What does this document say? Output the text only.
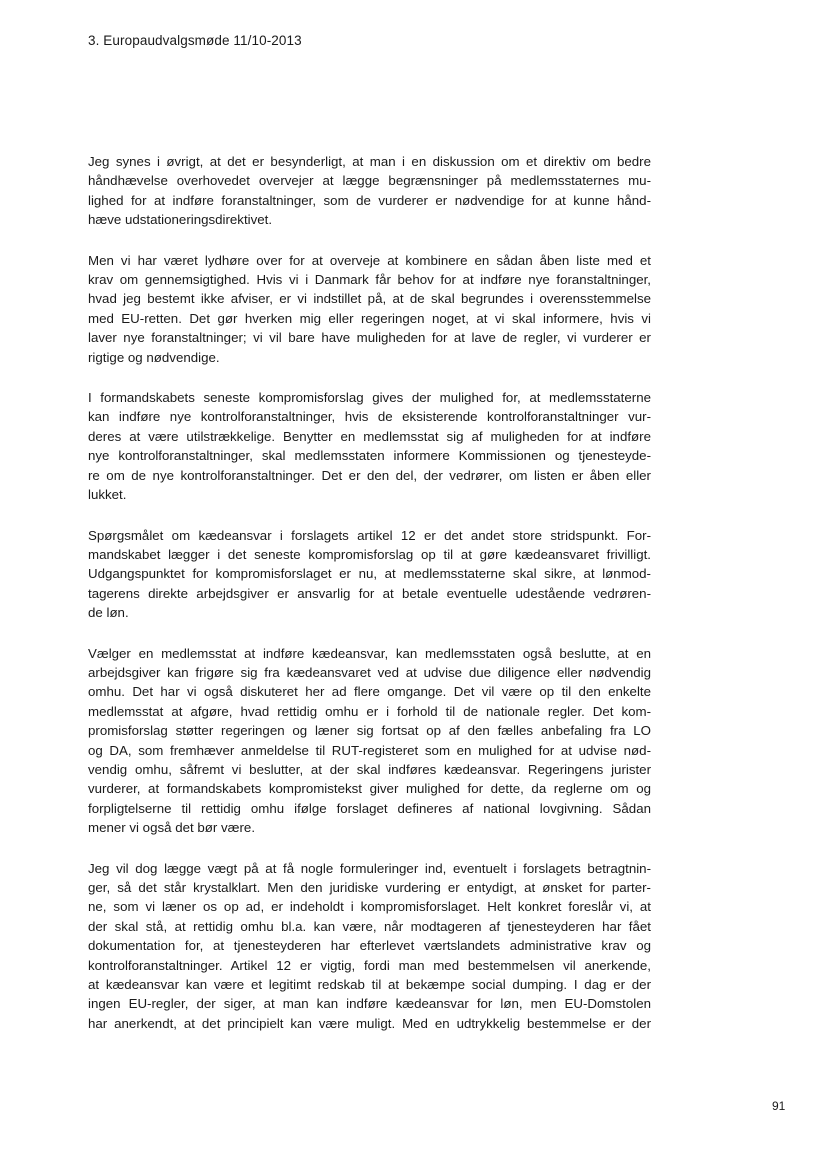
3. Europaudvalgsmøde 11/10-2013

Jeg synes i øvrigt, at det er besynderligt, at man i en diskussion om et direktiv om bedre
håndhævelse overhovedet overvejer at lægge begrænsninger på medlemsstaternes mu-
lighed for at indføre foranstaltninger, som de vurderer er nødvendige for at kunne hånd-
hæve udstationeringsdirektivet.

Men vi har været lydhøre over for at overveje at kombinere en sådan åben liste med et
krav om gennemsigtighed. Hvis vi i Danmark får behov for at indføre nye foranstaltninger,
hvad jeg bestemt ikke afviser, er vi indstillet på, at de skal begrundes i overensstemmelse
med EU-retten. Det gør hverken mig eller regeringen noget, at vi skal informere, hvis vi
laver nye foranstaltninger; vi vil bare have muligheden for at lave de regler, vi vurderer er
rigtige og nødvendige.

I formandskabets seneste kompromisforslag gives der mulighed for, at medlemsstaterne
kan indføre nye kontrolforanstaltninger, hvis de eksisterende kontrolforanstaltninger vur-
deres at være utilstrækkelige. Benytter en medlemsstat sig af muligheden for at indføre
nye kontrolforanstaltninger, skal medlemsstaten informere Kommissionen og tjenesteyde-
re om de nye kontrolforanstaltninger. Det er den del, der vedrører, om listen er åben eller
lukket.

Spørgsmålet om kædeansvar i forslagets artikel 12 er det andet store stridspunkt. For-
mandskabet lægger i det seneste kompromisforslag op til at gøre kædeansvaret frivilligt.
Udgangspunktet for kompromisforslaget er nu, at medlemsstaterne skal sikre, at lønmod-
tagerens direkte arbejdsgiver er ansvarlig for at betale eventuelle udestående vedrøren-
de løn.

Vælger en medlemsstat at indføre kædeansvar, kan medlemsstaten også beslutte, at en
arbejdsgiver kan frigøre sig fra kædeansvaret ved at udvise due diligence eller nødvendig
omhu. Det har vi også diskuteret her ad flere omgange. Det vil være op til den enkelte
medlemsstat at afgøre, hvad rettidig omhu er i forhold til de nationale regler. Det kom-
promisforslag støtter regeringen og læner sig fortsat op af den fælles anbefaling fra LO
og DA, som fremhæver anmeldelse til RUT-registeret som en mulighed for at udvise nød-
vendig omhu, såfremt vi beslutter, at der skal indføres kædeansvar. Regeringens jurister
vurderer, at formandskabets kompromistekst giver mulighed for dette, da reglerne om og
forpligtelserne til rettidig omhu ifølge forslaget defineres af national lovgivning. Sådan
mener vi også det bør være.

Jeg vil dog lægge vægt på at få nogle formuleringer ind, eventuelt i forslagets betragtnin-
ger, så det står krystalklart. Men den juridiske vurdering er entydigt, at ønsket for parter-
ne, som vi læner os op ad, er indeholdt i kompromisforslaget. Helt konkret foreslår vi, at
der skal stå, at rettidig omhu bl.a. kan være, når modtageren af tjenesteyderen har fået
dokumentation for, at tjenesteyderen har efterlevet værtslandets administrative krav og
kontrolforanstaltninger. Artikel 12 er vigtig, fordi man med bestemmelsen vil anerkende,
at kædeansvar kan være et legitimt redskab til at bekæmpe social dumping. I dag er der
ingen EU-regler, der siger, at man kan indføre kædeansvar for løn, men EU-Domstolen
har anerkendt, at det principielt kan være muligt. Med en udtrykkelig bestemmelse er der

91
